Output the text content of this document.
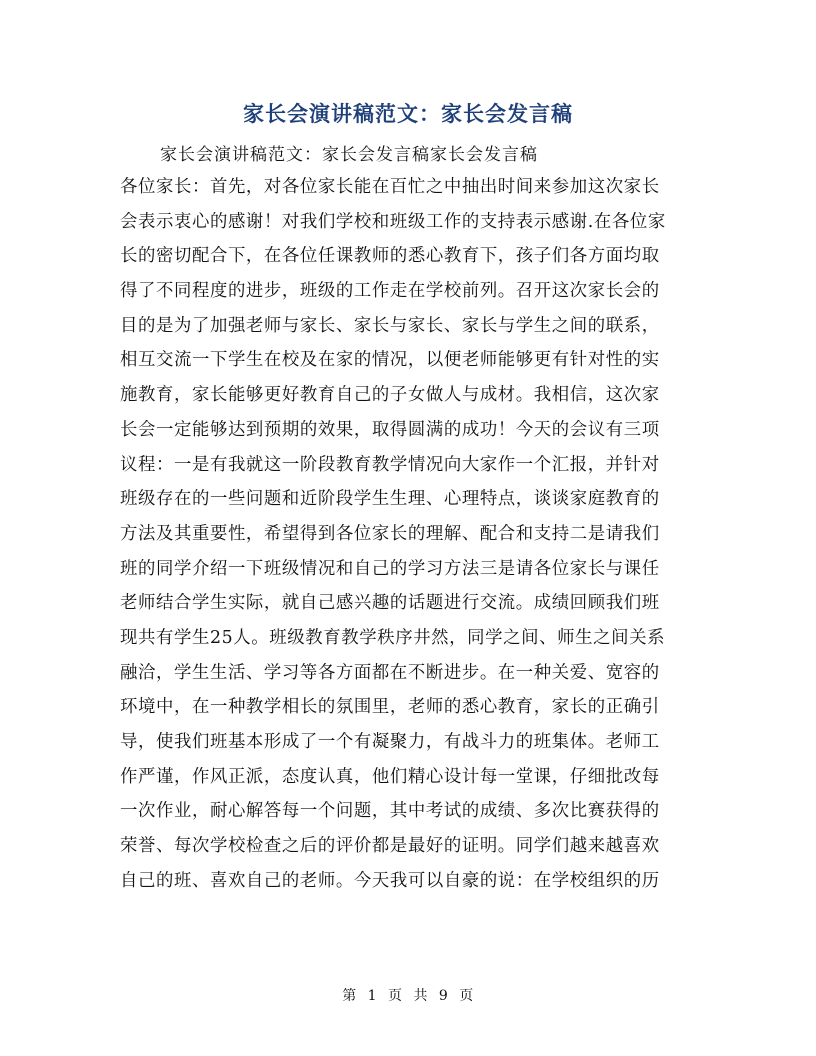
家长会演讲稿范文：家长会发言稿
家长会演讲稿范文：家长会发言稿家长会发言稿
各位家长：首先，对各位家长能在百忙之中抽出时间来参加这次家长
会表示衷心的感谢！对我们学校和班级工作的支持表示感谢.在各位家
长的密切配合下，在各位任课教师的悉心教育下，孩子们各方面均取
得了不同程度的进步，班级的工作走在学校前列。召开这次家长会的
目的是为了加强老师与家长、家长与家长、家长与学生之间的联系，
相互交流一下学生在校及在家的情况，以便老师能够更有针对性的实
施教育，家长能够更好教育自己的子女做人与成材。我相信，这次家
长会一定能够达到预期的效果，取得圆满的成功！今天的会议有三项
议程：一是有我就这一阶段教育教学情况向大家作一个汇报，并针对
班级存在的一些问题和近阶段学生生理、心理特点，谈谈家庭教育的
方法及其重要性，希望得到各位家长的理解、配合和支持二是请我们
班的同学介绍一下班级情况和自己的学习方法三是请各位家长与课任
老师结合学生实际，就自己感兴趣的话题进行交流。成绩回顾我们班
现共有学生25人。班级教育教学秩序井然，同学之间、师生之间关系
融洽，学生生活、学习等各方面都在不断进步。在一种关爱、宽容的
环境中，在一种教学相长的氛围里，老师的悉心教育，家长的正确引
导，使我们班基本形成了一个有凝聚力，有战斗力的班集体。老师工
作严谨，作风正派，态度认真，他们精心设计每一堂课，仔细批改每
一次作业，耐心解答每一个问题，其中考试的成绩、多次比赛获得的
荣誉、每次学校检查之后的评价都是最好的证明。同学们越来越喜欢
自己的班、喜欢自己的老师。今天我可以自豪的说：在学校组织的历
第 1 页 共 9 页
